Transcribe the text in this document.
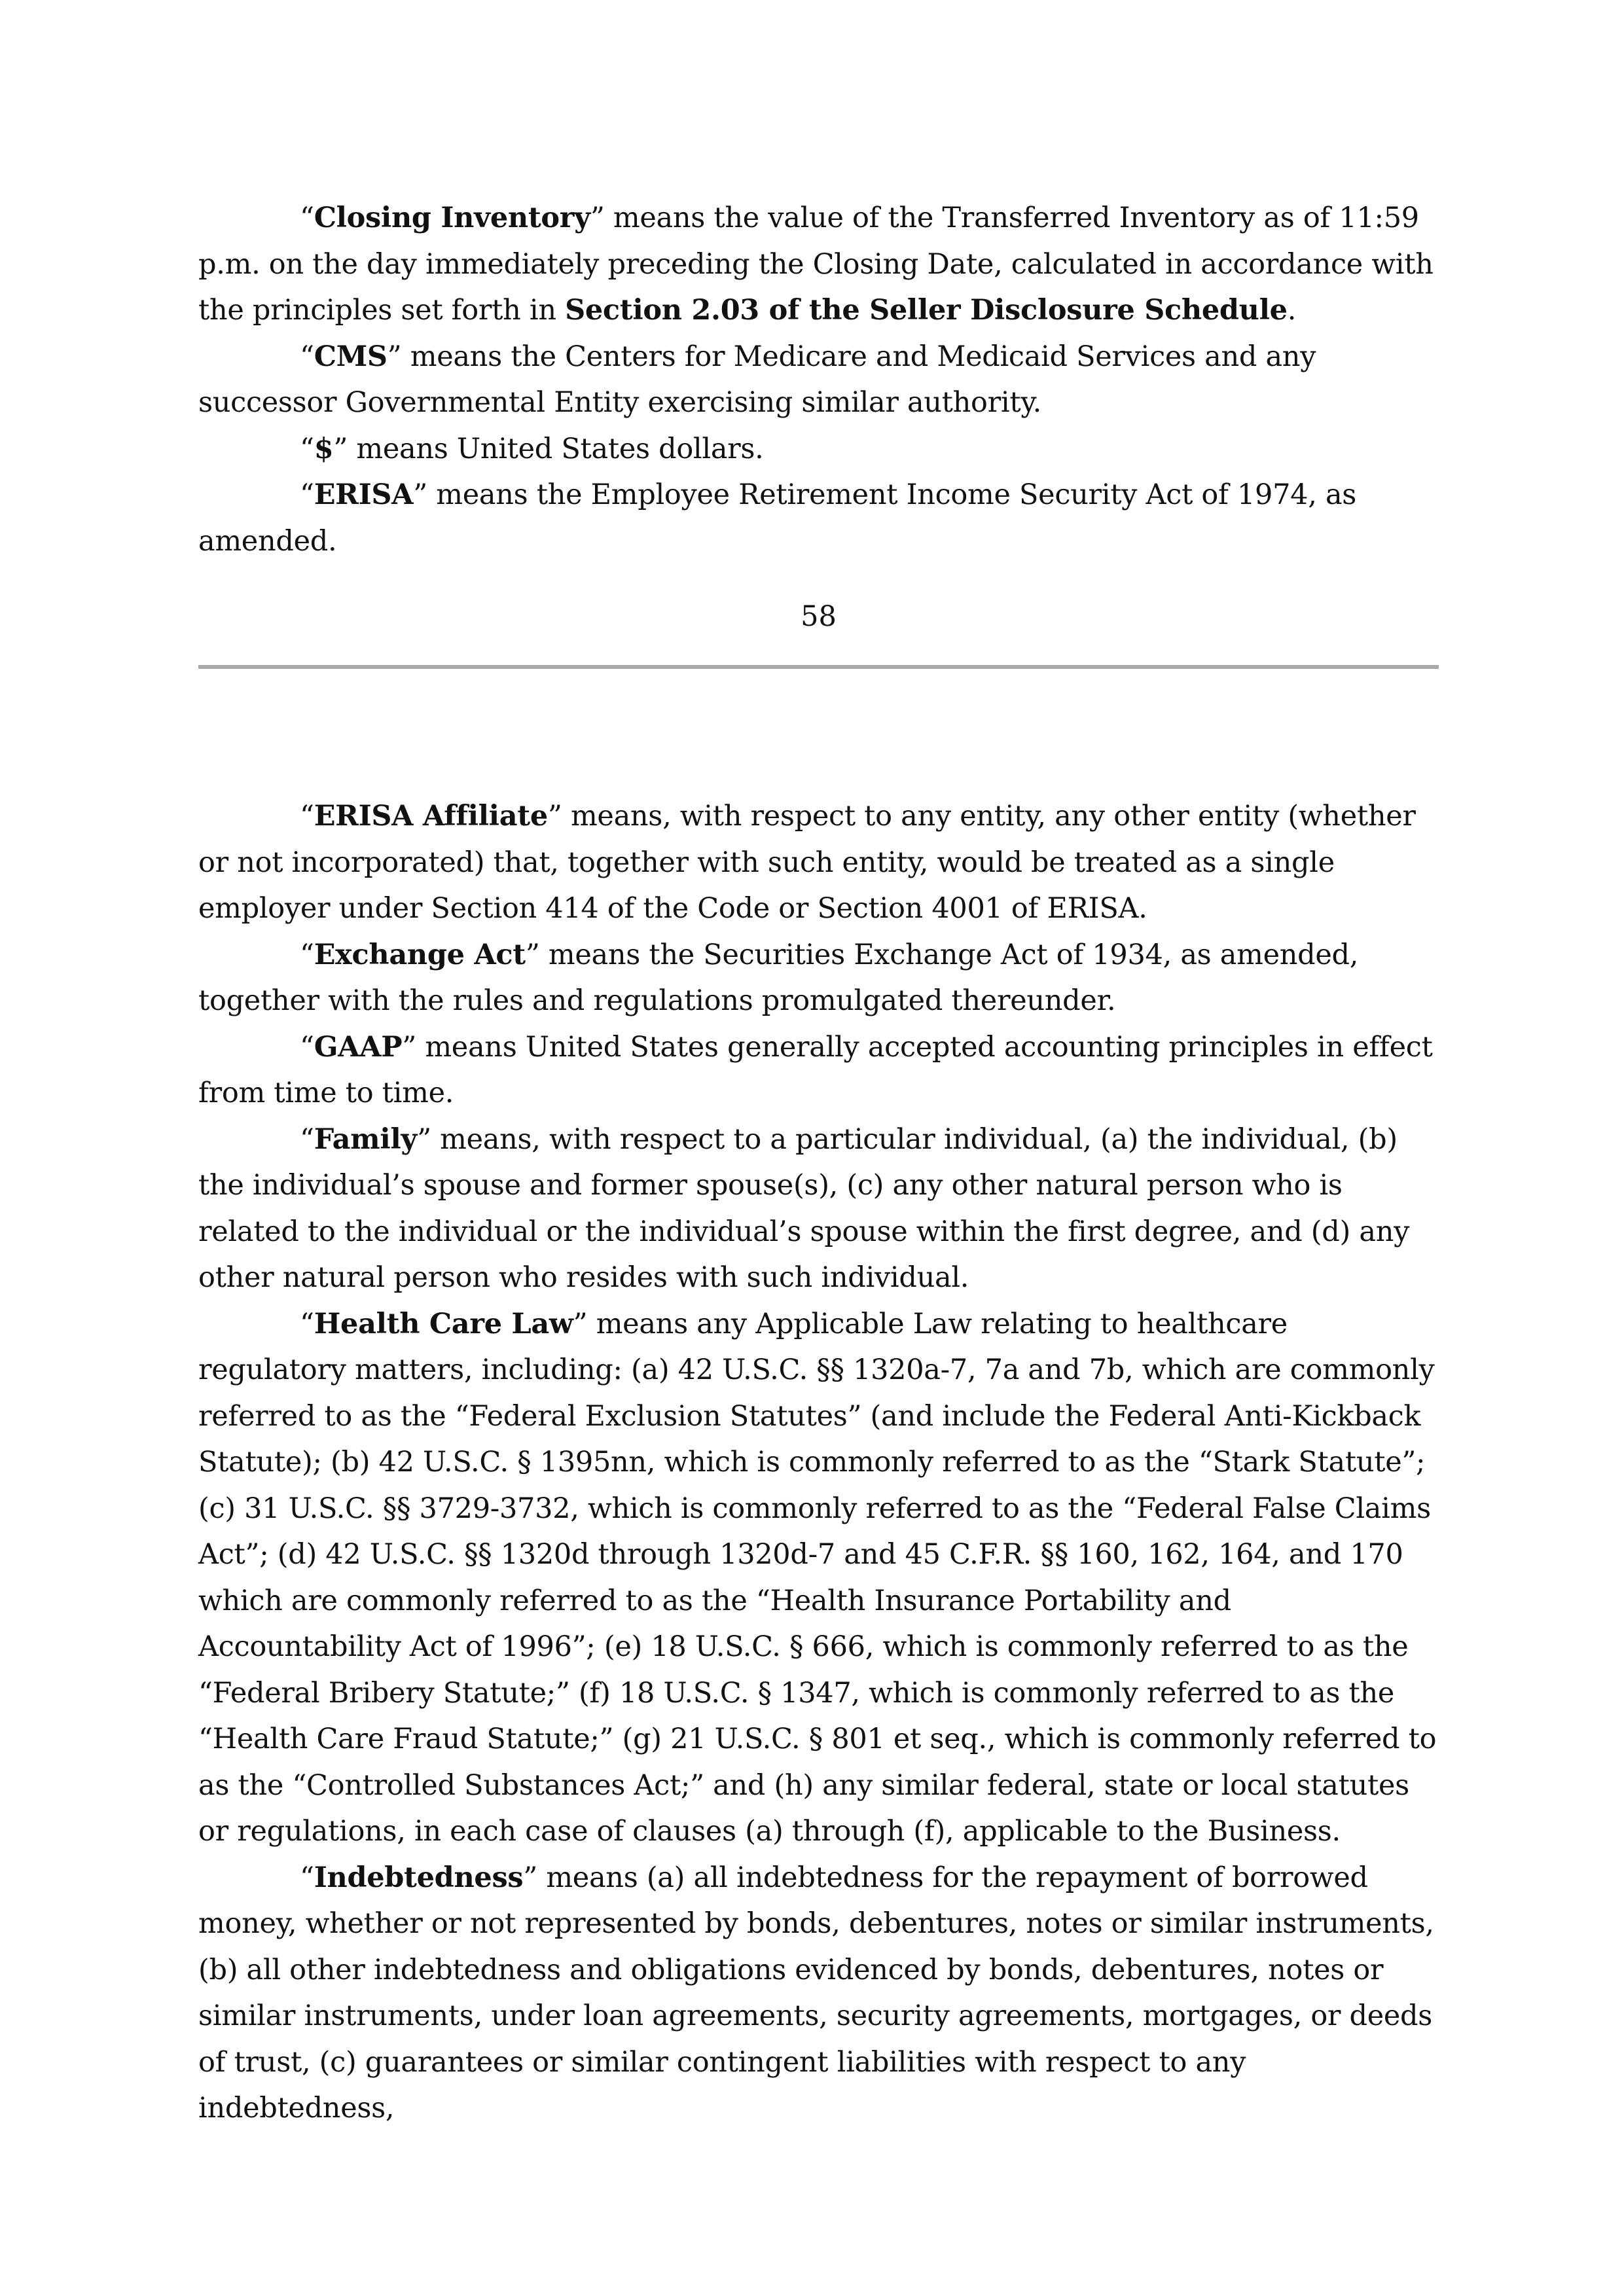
“Closing Inventory” means the value of the Transferred Inventory as of 11:59 p.m. on the day immediately preceding the Closing Date, calculated in accordance with the principles set forth in Section 2.03 of the Seller Disclosure Schedule.

“CMS” means the Centers for Medicare and Medicaid Services and any successor Governmental Entity exercising similar authority.

“$” means United States dollars.

“ERISA” means the Employee Retirement Income Security Act of 1974, as amended.

58

“ERISA Affiliate” means, with respect to any entity, any other entity (whether or not incorporated) that, together with such entity, would be treated as a single employer under Section 414 of the Code or Section 4001 of ERISA.

“Exchange Act” means the Securities Exchange Act of 1934, as amended, together with the rules and regulations promulgated thereunder.

“GAAP” means United States generally accepted accounting principles in effect from time to time.

“Family” means, with respect to a particular individual, (a) the individual, (b) the individual’s spouse and former spouse(s), (c) any other natural person who is related to the individual or the individual’s spouse within the first degree, and (d) any other natural person who resides with such individual.

“Health Care Law” means any Applicable Law relating to healthcare regulatory matters, including: (a) 42 U.S.C. §§ 1320a-7, 7a and 7b, which are commonly referred to as the “Federal Exclusion Statutes” (and include the Federal Anti-Kickback Statute); (b) 42 U.S.C. § 1395nn, which is commonly referred to as the “Stark Statute”; (c) 31 U.S.C. §§ 3729-3732, which is commonly referred to as the “Federal False Claims Act”; (d) 42 U.S.C. §§ 1320d through 1320d-7 and 45 C.F.R. §§ 160, 162, 164, and 170 which are commonly referred to as the “Health Insurance Portability and Accountability Act of 1996”; (e) 18 U.S.C. § 666, which is commonly referred to as the “Federal Bribery Statute;” (f) 18 U.S.C. § 1347, which is commonly referred to as the “Health Care Fraud Statute;” (g) 21 U.S.C. § 801 et seq., which is commonly referred to as the “Controlled Substances Act;” and (h) any similar federal, state or local statutes or regulations, in each case of clauses (a) through (f), applicable to the Business.

“Indebtedness” means (a) all indebtedness for the repayment of borrowed money, whether or not represented by bonds, debentures, notes or similar instruments, (b) all other indebtedness and obligations evidenced by bonds, debentures, notes or similar instruments, under loan agreements, security agreements, mortgages, or deeds of trust, (c) guarantees or similar contingent liabilities with respect to any indebtedness,
